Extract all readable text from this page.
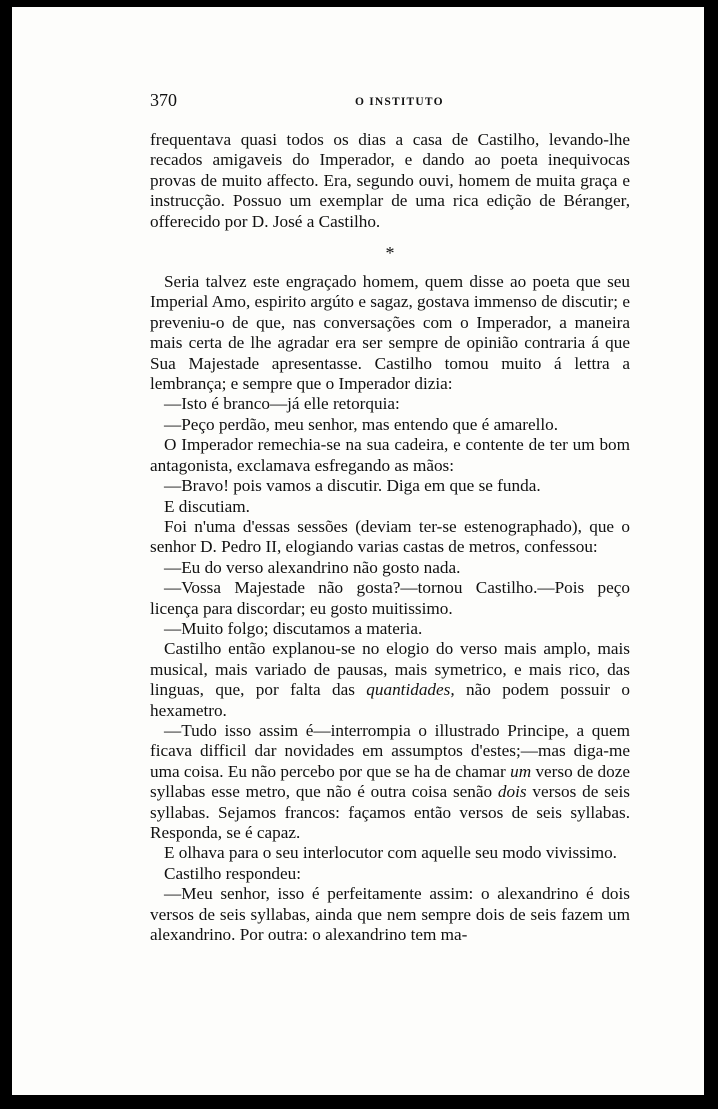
370	O INSTITUTO

frequentava quasi todos os dias a casa de Castilho, levando-lhe recados amigaveis do Imperador, e dando ao poeta inequivocas provas de muito affecto. Era, segundo ouvi, homem de muita graça e instrucção. Possuo um exemplar de uma rica edição de Béranger, offerecido por D. José a Castilho.

*

Seria talvez este engraçado homem, quem disse ao poeta que seu Imperial Amo, espirito argúto e sagaz, gostava immenso de discutir; e preveniu-o de que, nas conversações com o Imperador, a maneira mais certa de lhe agradar era ser sempre de opinião contraria á que Sua Majestade apresentasse. Castilho tomou muito á lettra a lembrança; e sempre que o Imperador dizia:

—Isto é branco—já elle retorquia:

—Peço perdão, meu senhor, mas entendo que é amarello.

O Imperador remechia-se na sua cadeira, e contente de ter um bom antagonista, exclamava esfregando as mãos:

—Bravo! pois vamos a discutir. Diga em que se funda.

E discutiam.

Foi n'uma d'essas sessões (deviam ter-se estenographado), que o senhor D. Pedro II, elogiando varias castas de metros, confessou:

—Eu do verso alexandrino não gosto nada.

—Vossa Majestade não gosta?—tornou Castilho.—Pois peço licença para discordar; eu gosto muitissimo.

—Muito folgo; discutamos a materia.

Castilho então explanou-se no elogio do verso mais amplo, mais musical, mais variado de pausas, mais symetrico, e mais rico, das linguas, que, por falta das quantidades, não podem possuir o hexametro.

—Tudo isso assim é—interrompia o illustrado Principe, a quem ficava difficil dar novidades em assumptos d'estes;—mas diga-me uma coisa. Eu não percebo por que se ha de chamar um verso de doze syllabas esse metro, que não é outra coisa senão dois versos de seis syllabas. Sejamos francos: façamos então versos de seis syllabas. Responda, se é capaz.

E olhava para o seu interlocutor com aquelle seu modo vivissimo.

Castilho respondeu:

—Meu senhor, isso é perfeitamente assim: o alexandrino é dois versos de seis syllabas, ainda que nem sempre dois de seis fazem um alexandrino. Por outra: o alexandrino tem ma-
